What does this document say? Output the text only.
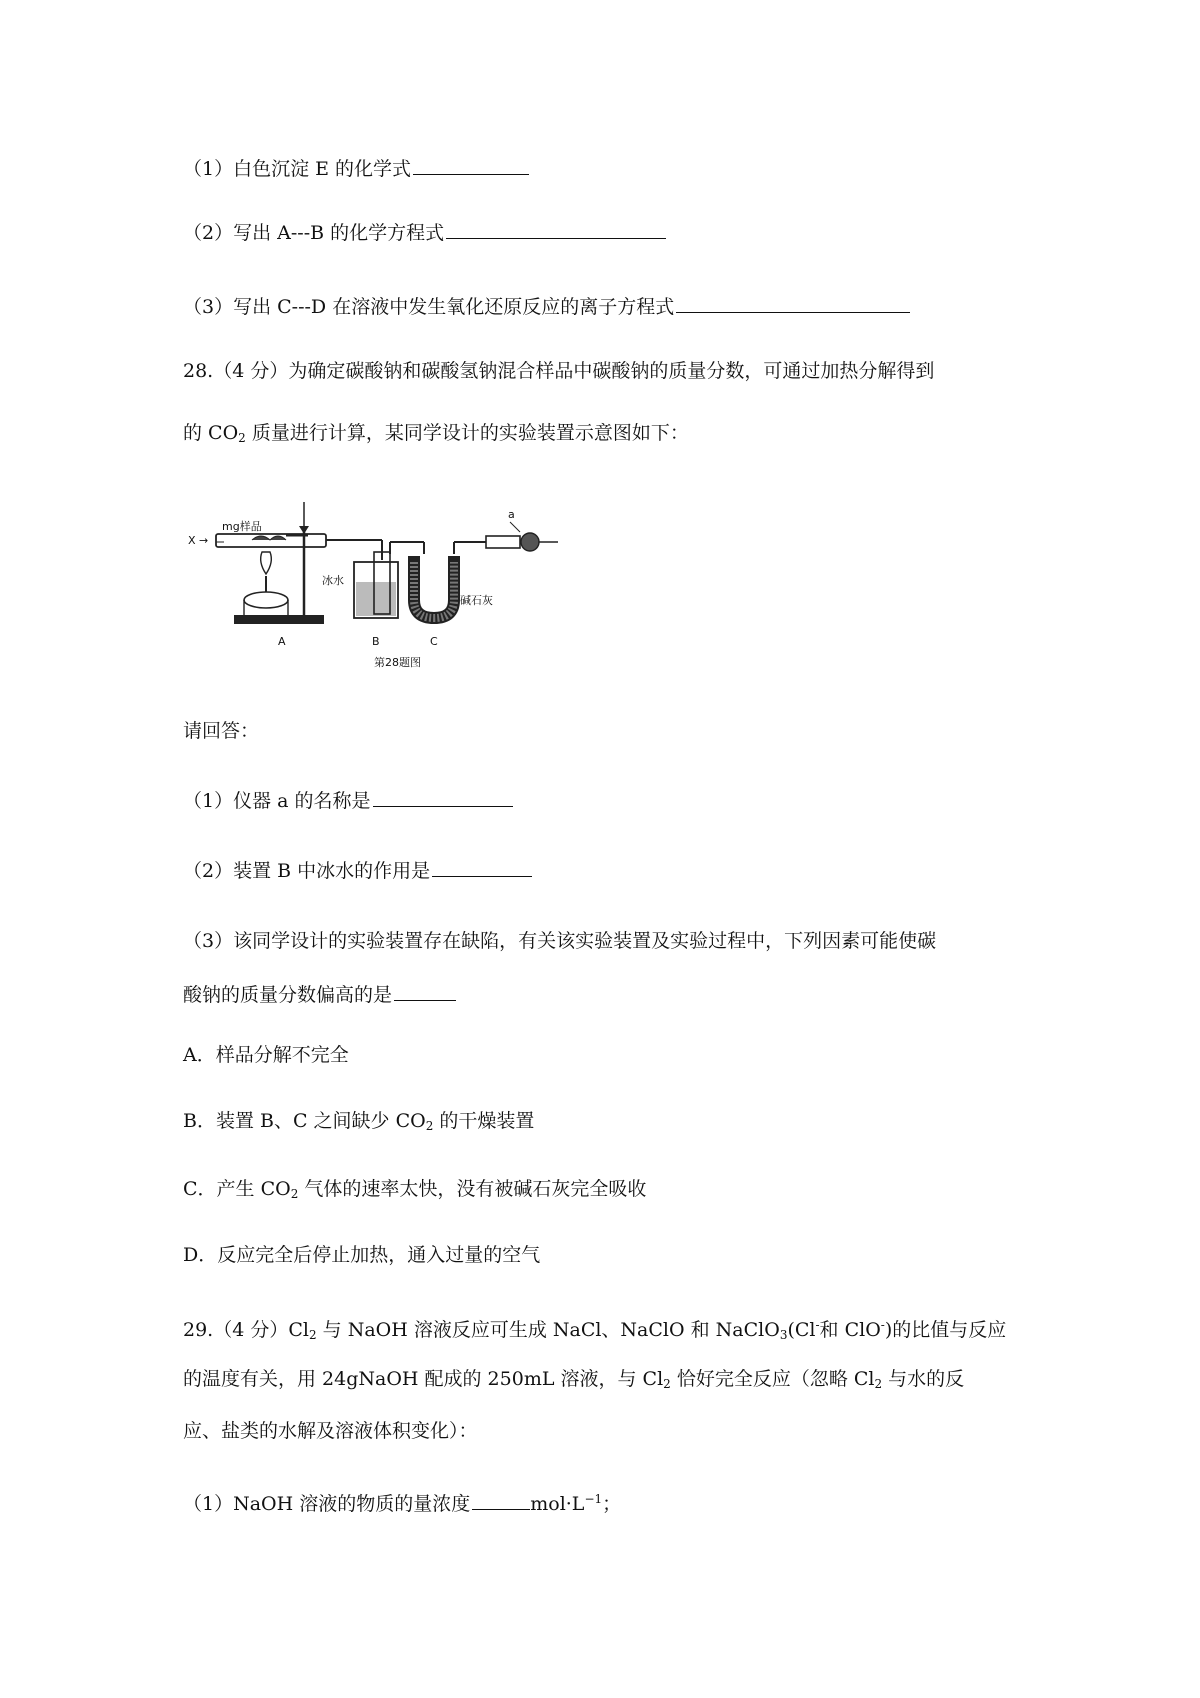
（1）白色沉淀 E 的化学式
（2）写出 A---B 的化学方程式
（3）写出 C---D 在溶液中发生氧化还原反应的离子方程式
28.（4 分）为确定碳酸钠和碳酸氢钠混合样品中碳酸钠的质量分数，可通过加热分解得到
的 $CO_2$ 质量进行计算，某同学设计的实验装置示意图如下：
mg样品
X →
冰水
碱石灰
a
A	B	C
第28题图
请回答：
（1）仪器 a 的名称是
（2）装置 B 中冰水的作用是
（3）该同学设计的实验装置存在缺陷，有关该实验装置及实验过程中，下列因素可能使碳
酸钠的质量分数偏高的是
A．样品分解不完全
B．装置 B、C 之间缺少 $CO_2$ 的干燥装置
C．产生 $CO_2$ 气体的速率太快，没有被碱石灰完全吸收
D．反应完全后停止加热，通入过量的空气
29.（4 分）$Cl_2$ 与 NaOH 溶液反应可生成 NaCl、NaClO 和 NaClO$_3$(Cl-和 ClO-)的比值与反应
的温度有关，用 24gNaOH 配成的 250mL 溶液，与 $Cl_2$ 恰好完全反应（忽略 $Cl_2$ 与水的反
应、盐类的水解及溶液体积变化）：
（1）NaOH 溶液的物质的量浓度	$mol\cdot L^{-1}$；
